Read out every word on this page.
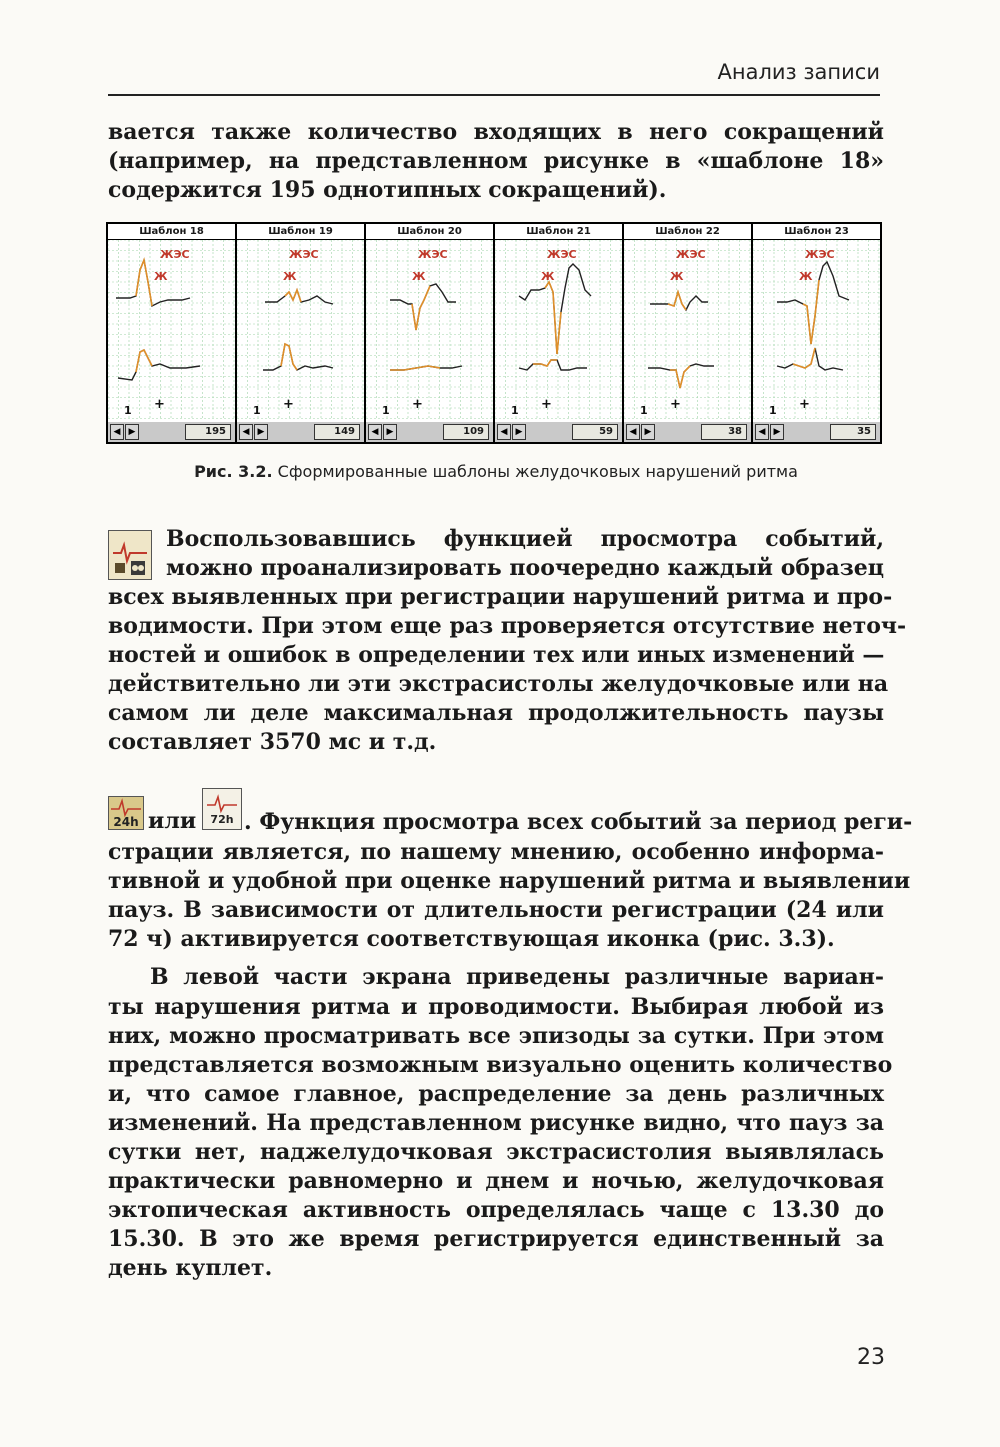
Анализ записи
вается также количество входящих в него сокращений
(например, на представленном рисунке в «шаблоне 18»
содержится 195 однотипных сокращений).
Шаблон 18
ЖЭС
Ж
1 +
◀ ▶	195
Шаблон 19
ЖЭС
Ж
1 +
◀ ▶	149
Шаблон 20
ЖЭС
Ж
1 +
◀ ▶	109
Шаблон 21
ЖЭС
Ж
1 +
◀ ▶	59
Шаблон 22
ЖЭС
Ж
1 +
◀ ▶	38
Шаблон 23
ЖЭС
Ж
1 +
◀ ▶	35
Рис. 3.2. Сформированные шаблоны желудочковых нарушений ритма
Воспользовавшись функцией просмотра событий,
можно проанализировать поочередно каждый образец
всех выявленных при регистрации нарушений ритма и про-
водимости. При этом еще раз проверяется отсутствие неточ-
ностей и ошибок в определении тех или иных изменений —
действительно ли эти экстрасистолы желудочковые или на
самом ли деле максимальная продолжительность паузы
составляет 3570 мс и т.д.
24h или 72h . Функция просмотра всех событий за период реги-
страции является, по нашему мнению, особенно информа-
тивной и удобной при оценке нарушений ритма и выявлении
пауз. В зависимости от длительности регистрации (24 или
72 ч) активируется соответствующая иконка (рис. 3.3).
В левой части экрана приведены различные вариан-
ты нарушения ритма и проводимости. Выбирая любой из
них, можно просматривать все эпизоды за сутки. При этом
представляется возможным визуально оценить количество
и, что самое главное, распределение за день различных
изменений. На представленном рисунке видно, что пауз за
сутки нет, наджелудочковая экстрасистолия выявлялась
практически равномерно и днем и ночью, желудочковая
эктопическая активность определялась чаще с 13.30 до
15.30. В это же время регистрируется единственный за
день куплет.
23
